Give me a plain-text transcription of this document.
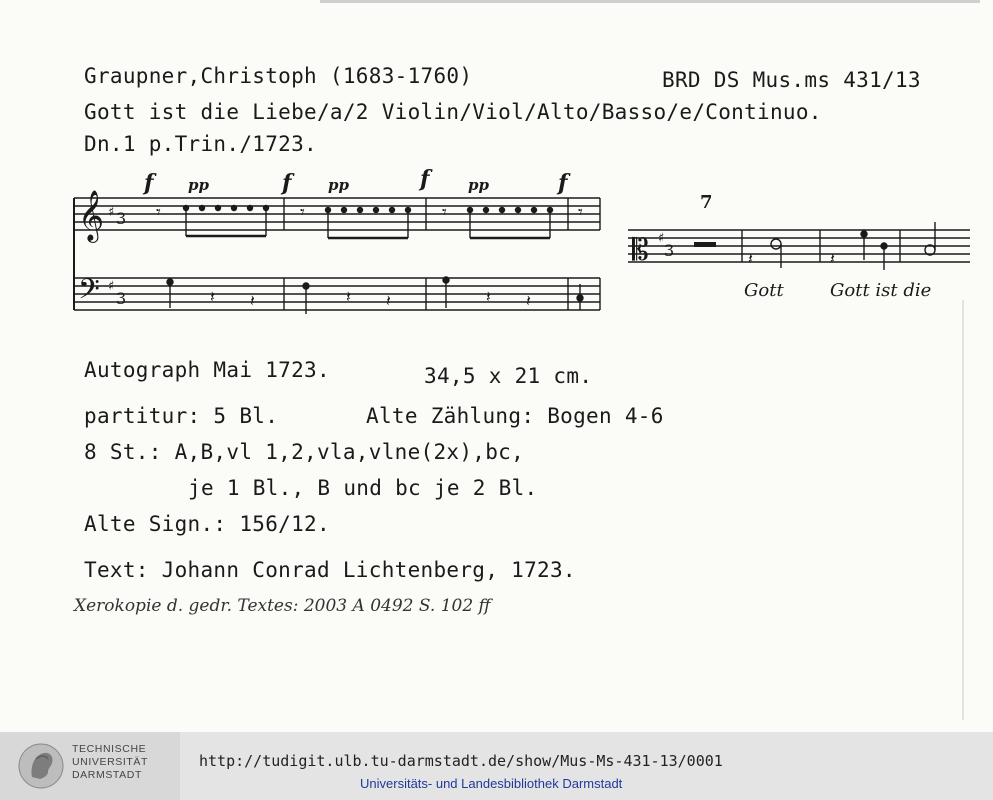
Graupner,Christoph (1683-1760)	BRD DS Mus.ms 431/13
Gott ist die Liebe/a/2 Violin/Viol/Alto/Basso/e/Continuo.
Dn.1 p.Trin./1723.
𝄞
𝄢
𝄡
♯ 3
♯
3
♯
3
f pp	f pp	f	pp	f
𝄾	𝄾	𝄾	𝄾
𝄽 𝄽	𝄽 𝄽	𝄽 𝄽
7
𝄽	𝄽
Gott	Gott ist die
Autograph Mai 1723.	34,5 x 21 cm.
partitur: 5 Bl.	Alte Zählung: Bogen 4-6
8 St.: A,B,vl 1,2,vla,vlne(2x),bc,
je 1 Bl., B und bc je 2 Bl.
Alte Sign.: 156/12.
Text: Johann Conrad Lichtenberg, 1723.
Xerokopie d. gedr. Textes: 2003 A 0492 S. 102 ff
TECHNISCHE
UNIVERSITÄT
DARMSTADT
http://tudigit.ulb.tu-darmstadt.de/show/Mus-Ms-431-13/0001
Universitäts- und Landesbibliothek Darmstadt
